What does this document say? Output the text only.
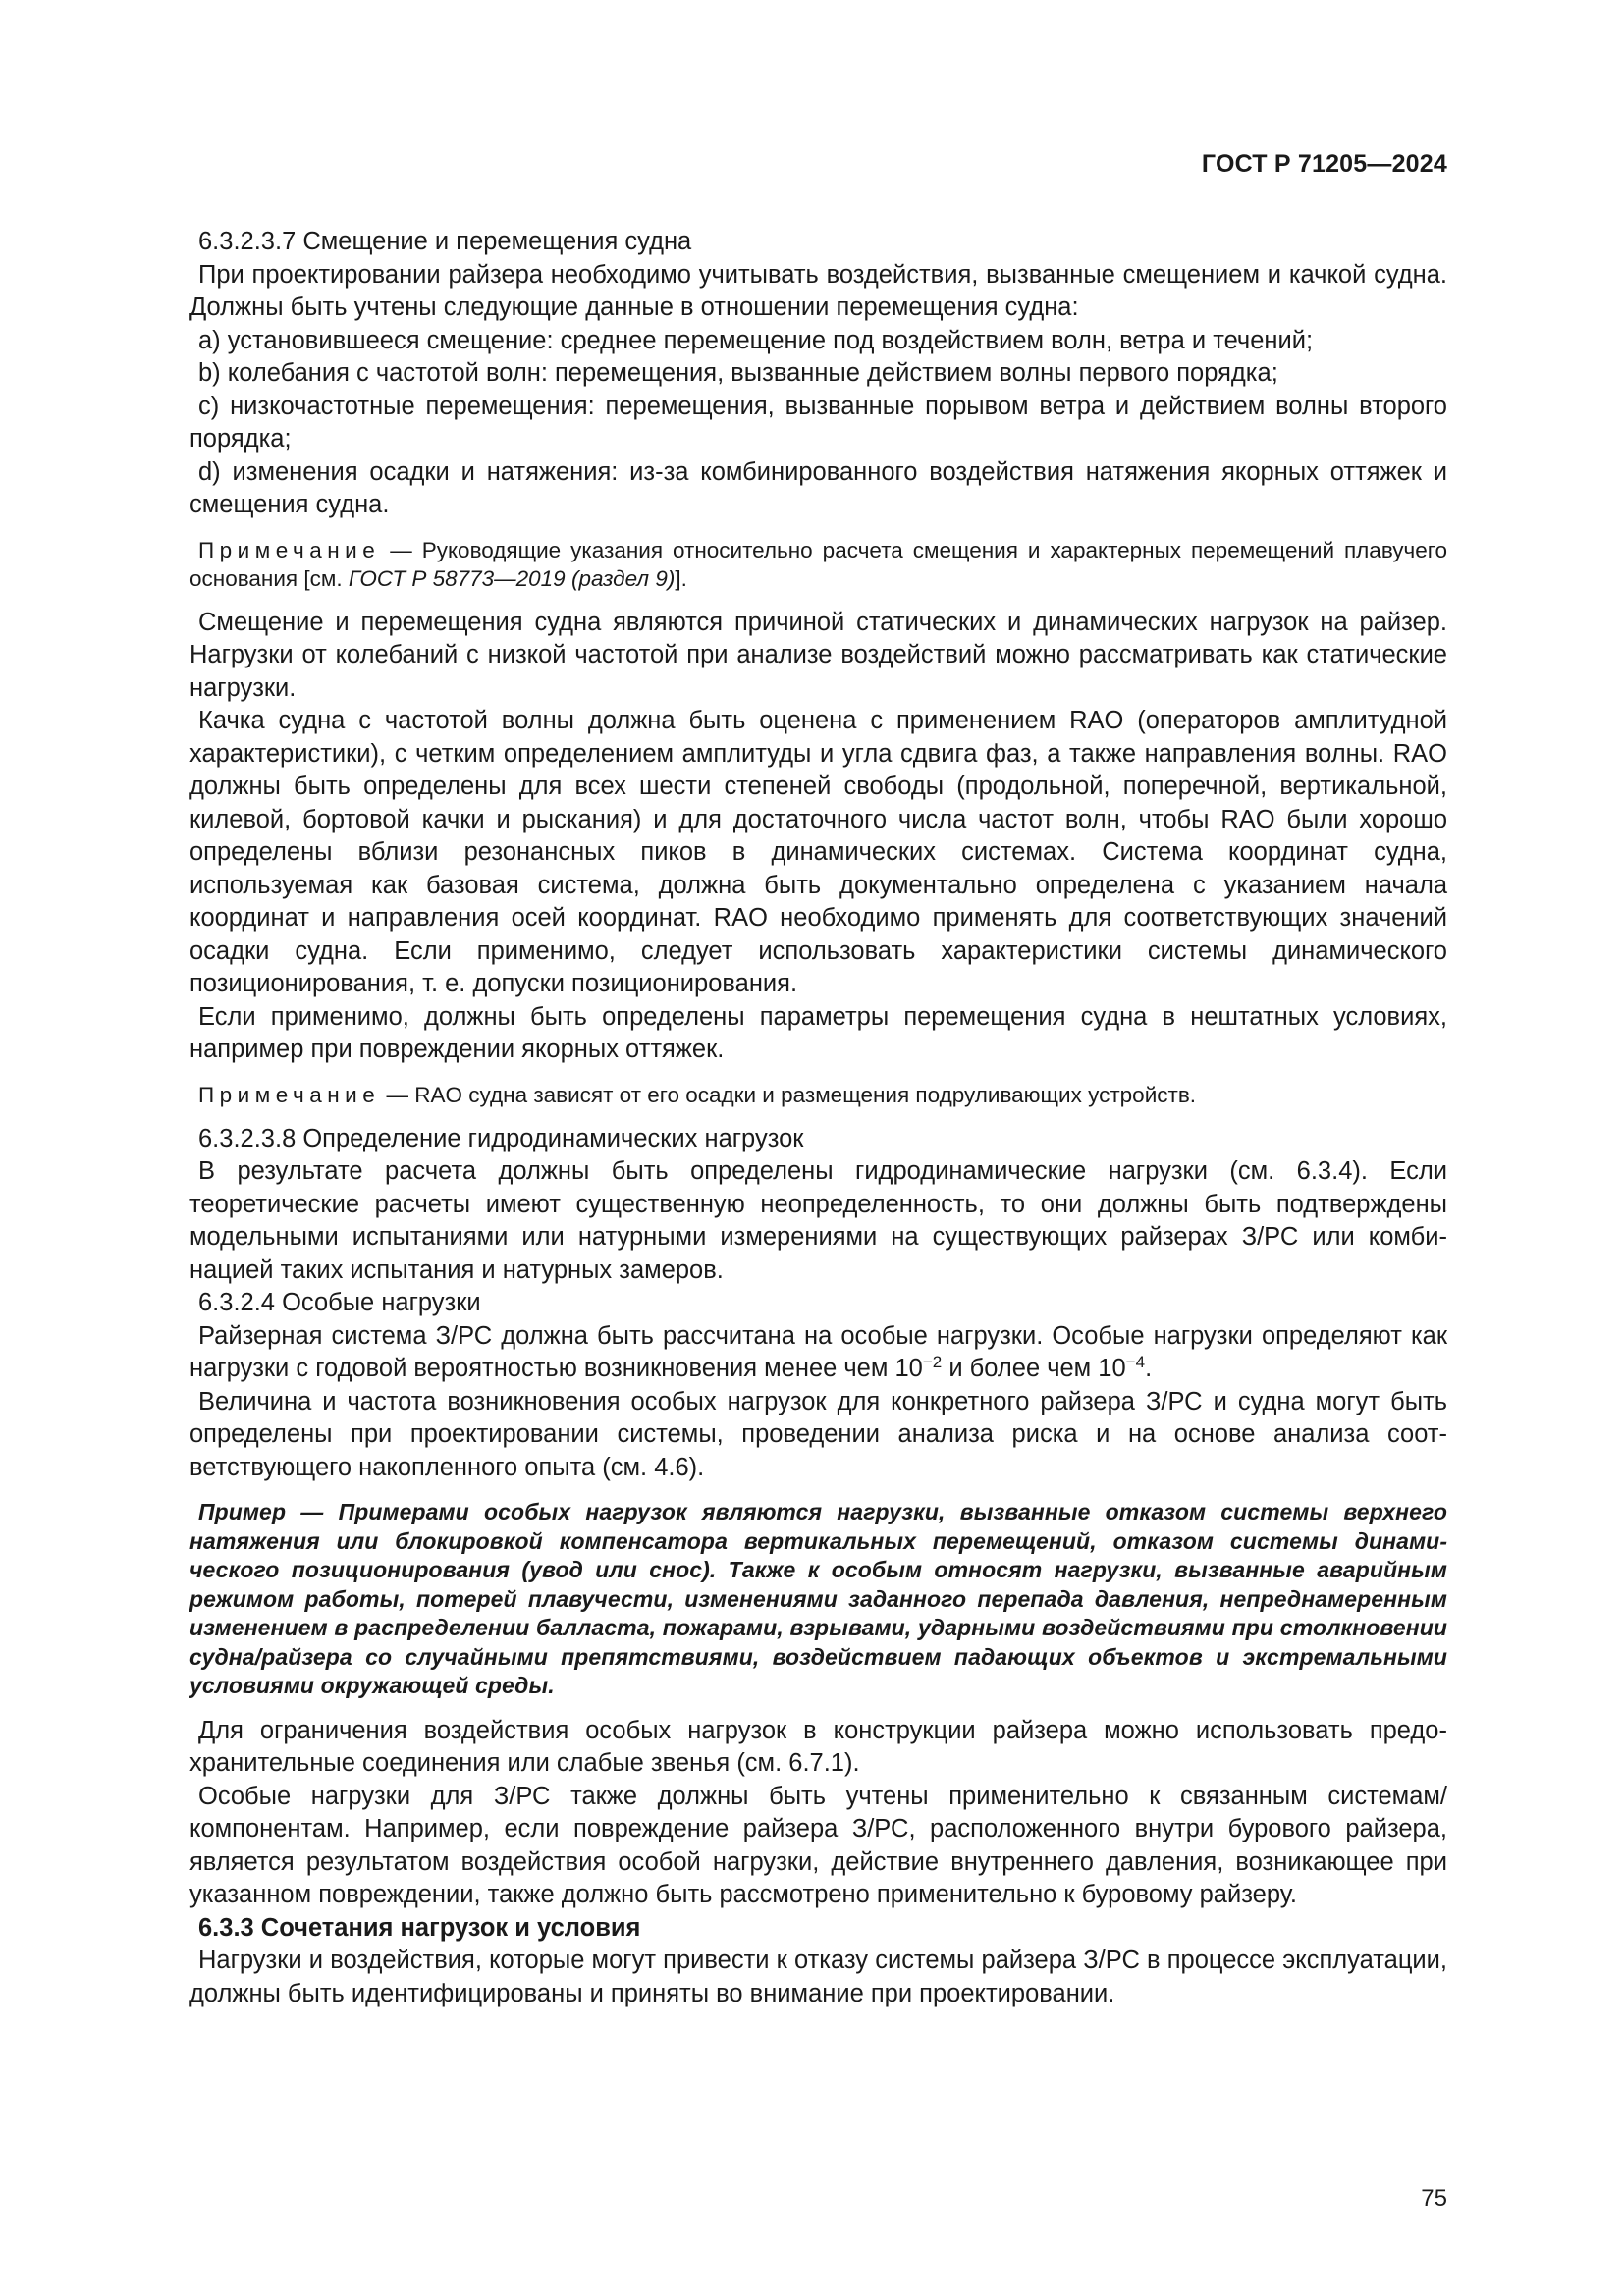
ГОСТ Р 71205—2024

6.3.2.3.7 Смещение и перемещения судна

При проектировании райзера необходимо учитывать воздействия, вызванные смещением и качкой судна. Должны быть учтены следующие данные в отношении перемещения судна:

a) установившееся смещение: среднее перемещение под воздействием волн, ветра и течений;

b) колебания с частотой волн: перемещения, вызванные действием волны первого порядка;

c) низкочастотные перемещения: перемещения, вызванные порывом ветра и действием волны второго порядка;

d) изменения осадки и натяжения: из-за комбинированного воздействия натяжения якорных оттяжек и смещения судна.

Примечание — Руководящие указания относительно расчета смещения и характерных перемещений плавучего основания [см. ГОСТ Р 58773—2019 (раздел 9)].

Смещение и перемещения судна являются причиной статических и динамических нагрузок на райзер. Нагрузки от колебаний с низкой частотой при анализе воздействий можно рассматривать как статические нагрузки.

Качка судна с частотой волны должна быть оценена с применением RAO (операторов амплитудной характеристики), с четким определением амплитуды и угла сдвига фаз, а также направления волны. RAO должны быть определены для всех шести степеней свободы (продольной, поперечной, вертикальной, килевой, бортовой качки и рыскания) и для достаточного числа частот волн, чтобы RAO были хорошо определены вблизи резонансных пиков в динамических системах. Система координат судна, используемая как базовая система, должна быть документально определена с указанием начала координат и направления осей координат. RAO необходимо применять для соответствующих значений осадки судна. Если применимо, следует использовать характеристики системы динамического позиционирования, т. е. допуски позиционирования.

Если применимо, должны быть определены параметры перемещения судна в нештатных условиях, например при повреждении якорных оттяжек.

Примечание — RAO судна зависят от его осадки и размещения подруливающих устройств.

6.3.2.3.8 Определение гидродинамических нагрузок

В результате расчета должны быть определены гидродинамические нагрузки (см. 6.3.4). Если теоретические расчеты имеют существенную неопределенность, то они должны быть подтверждены модельными испытаниями или натурными измерениями на существующих райзерах З/РС или комбинацией таких испытания и натурных замеров.

6.3.2.4 Особые нагрузки

Райзерная система З/РС должна быть рассчитана на особые нагрузки. Особые нагрузки определяют как нагрузки с годовой вероятностью возникновения менее чем $10^{-2}$ и более чем $10^{-4}$.

Величина и частота возникновения особых нагрузок для конкретного райзера З/РС и судна могут быть определены при проектировании системы, проведении анализа риска и на основе анализа соответствующего накопленного опыта (см. 4.6).

Пример — Примерами особых нагрузок являются нагрузки, вызванные отказом системы верхнего натяжения или блокировкой компенсатора вертикальных перемещений, отказом системы динамического позиционирования (увод или снос). Также к особым относят нагрузки, вызванные аварийным режимом работы, потерей плавучести, изменениями заданного перепада давления, непреднамеренным изменением в распределении балласта, пожарами, взрывами, ударными воздействиями при столкновении судна/райзера со случайными препятствиями, воздействием падающих объектов и экстремальными условиями окружающей среды.

Для ограничения воздействия особых нагрузок в конструкции райзера можно использовать предохранительные соединения или слабые звенья (см. 6.7.1).

Особые нагрузки для З/РС также должны быть учтены применительно к связанным системам/ компонентам. Например, если повреждение райзера З/РС, расположенного внутри бурового райзера, является результатом воздействия особой нагрузки, действие внутреннего давления, возникающее при указанном повреждении, также должно быть рассмотрено применительно к буровому райзеру.

6.3.3 Сочетания нагрузок и условия

Нагрузки и воздействия, которые могут привести к отказу системы райзера З/РС в процессе эксплуатации, должны быть идентифицированы и приняты во внимание при проектировании.

75
